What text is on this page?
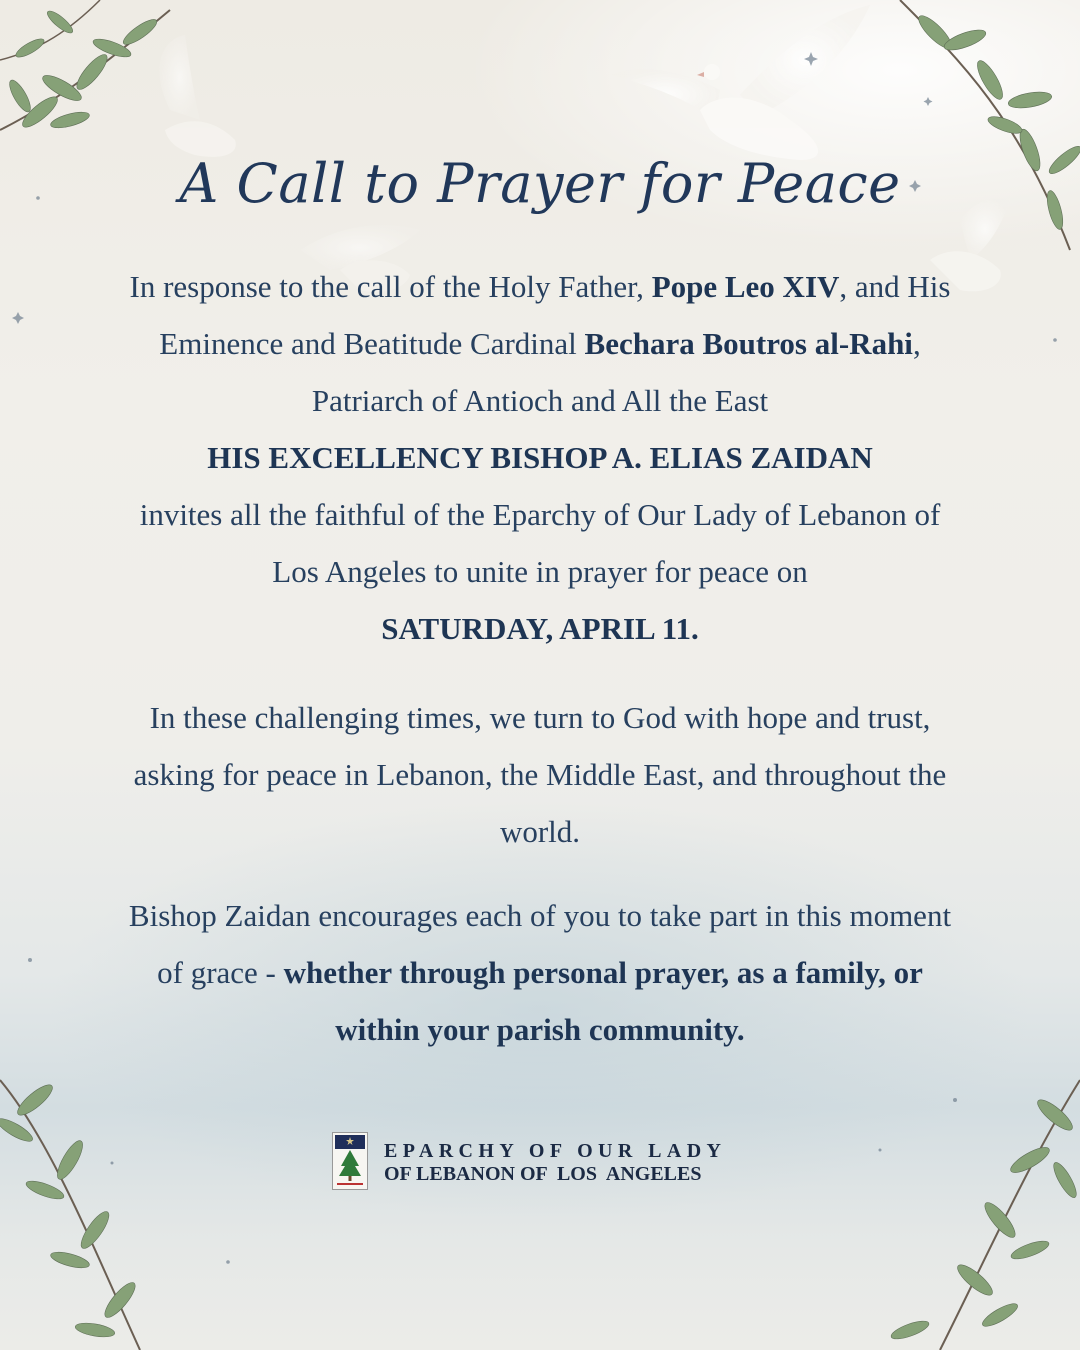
A Call to Prayer for Peace

In response to the call of the Holy Father, Pope Leo XIV, and His Eminence and Beatitude Cardinal Bechara Boutros al-Rahi, Patriarch of Antioch and All the East
HIS EXCELLENCY BISHOP A. ELIAS ZAIDAN
invites all the faithful of the Eparchy of Our Lady of Lebanon of Los Angeles to unite in prayer for peace on
SATURDAY, APRIL 11.

In these challenging times, we turn to God with hope and trust, asking for peace in Lebanon, the Middle East, and throughout the world.

Bishop Zaidan encourages each of you to take part in this moment of grace - whether through personal prayer, as a family, or within your parish community.

EPARCHY OF OUR LADY
OF LEBANON OF  LOS  ANGELES
